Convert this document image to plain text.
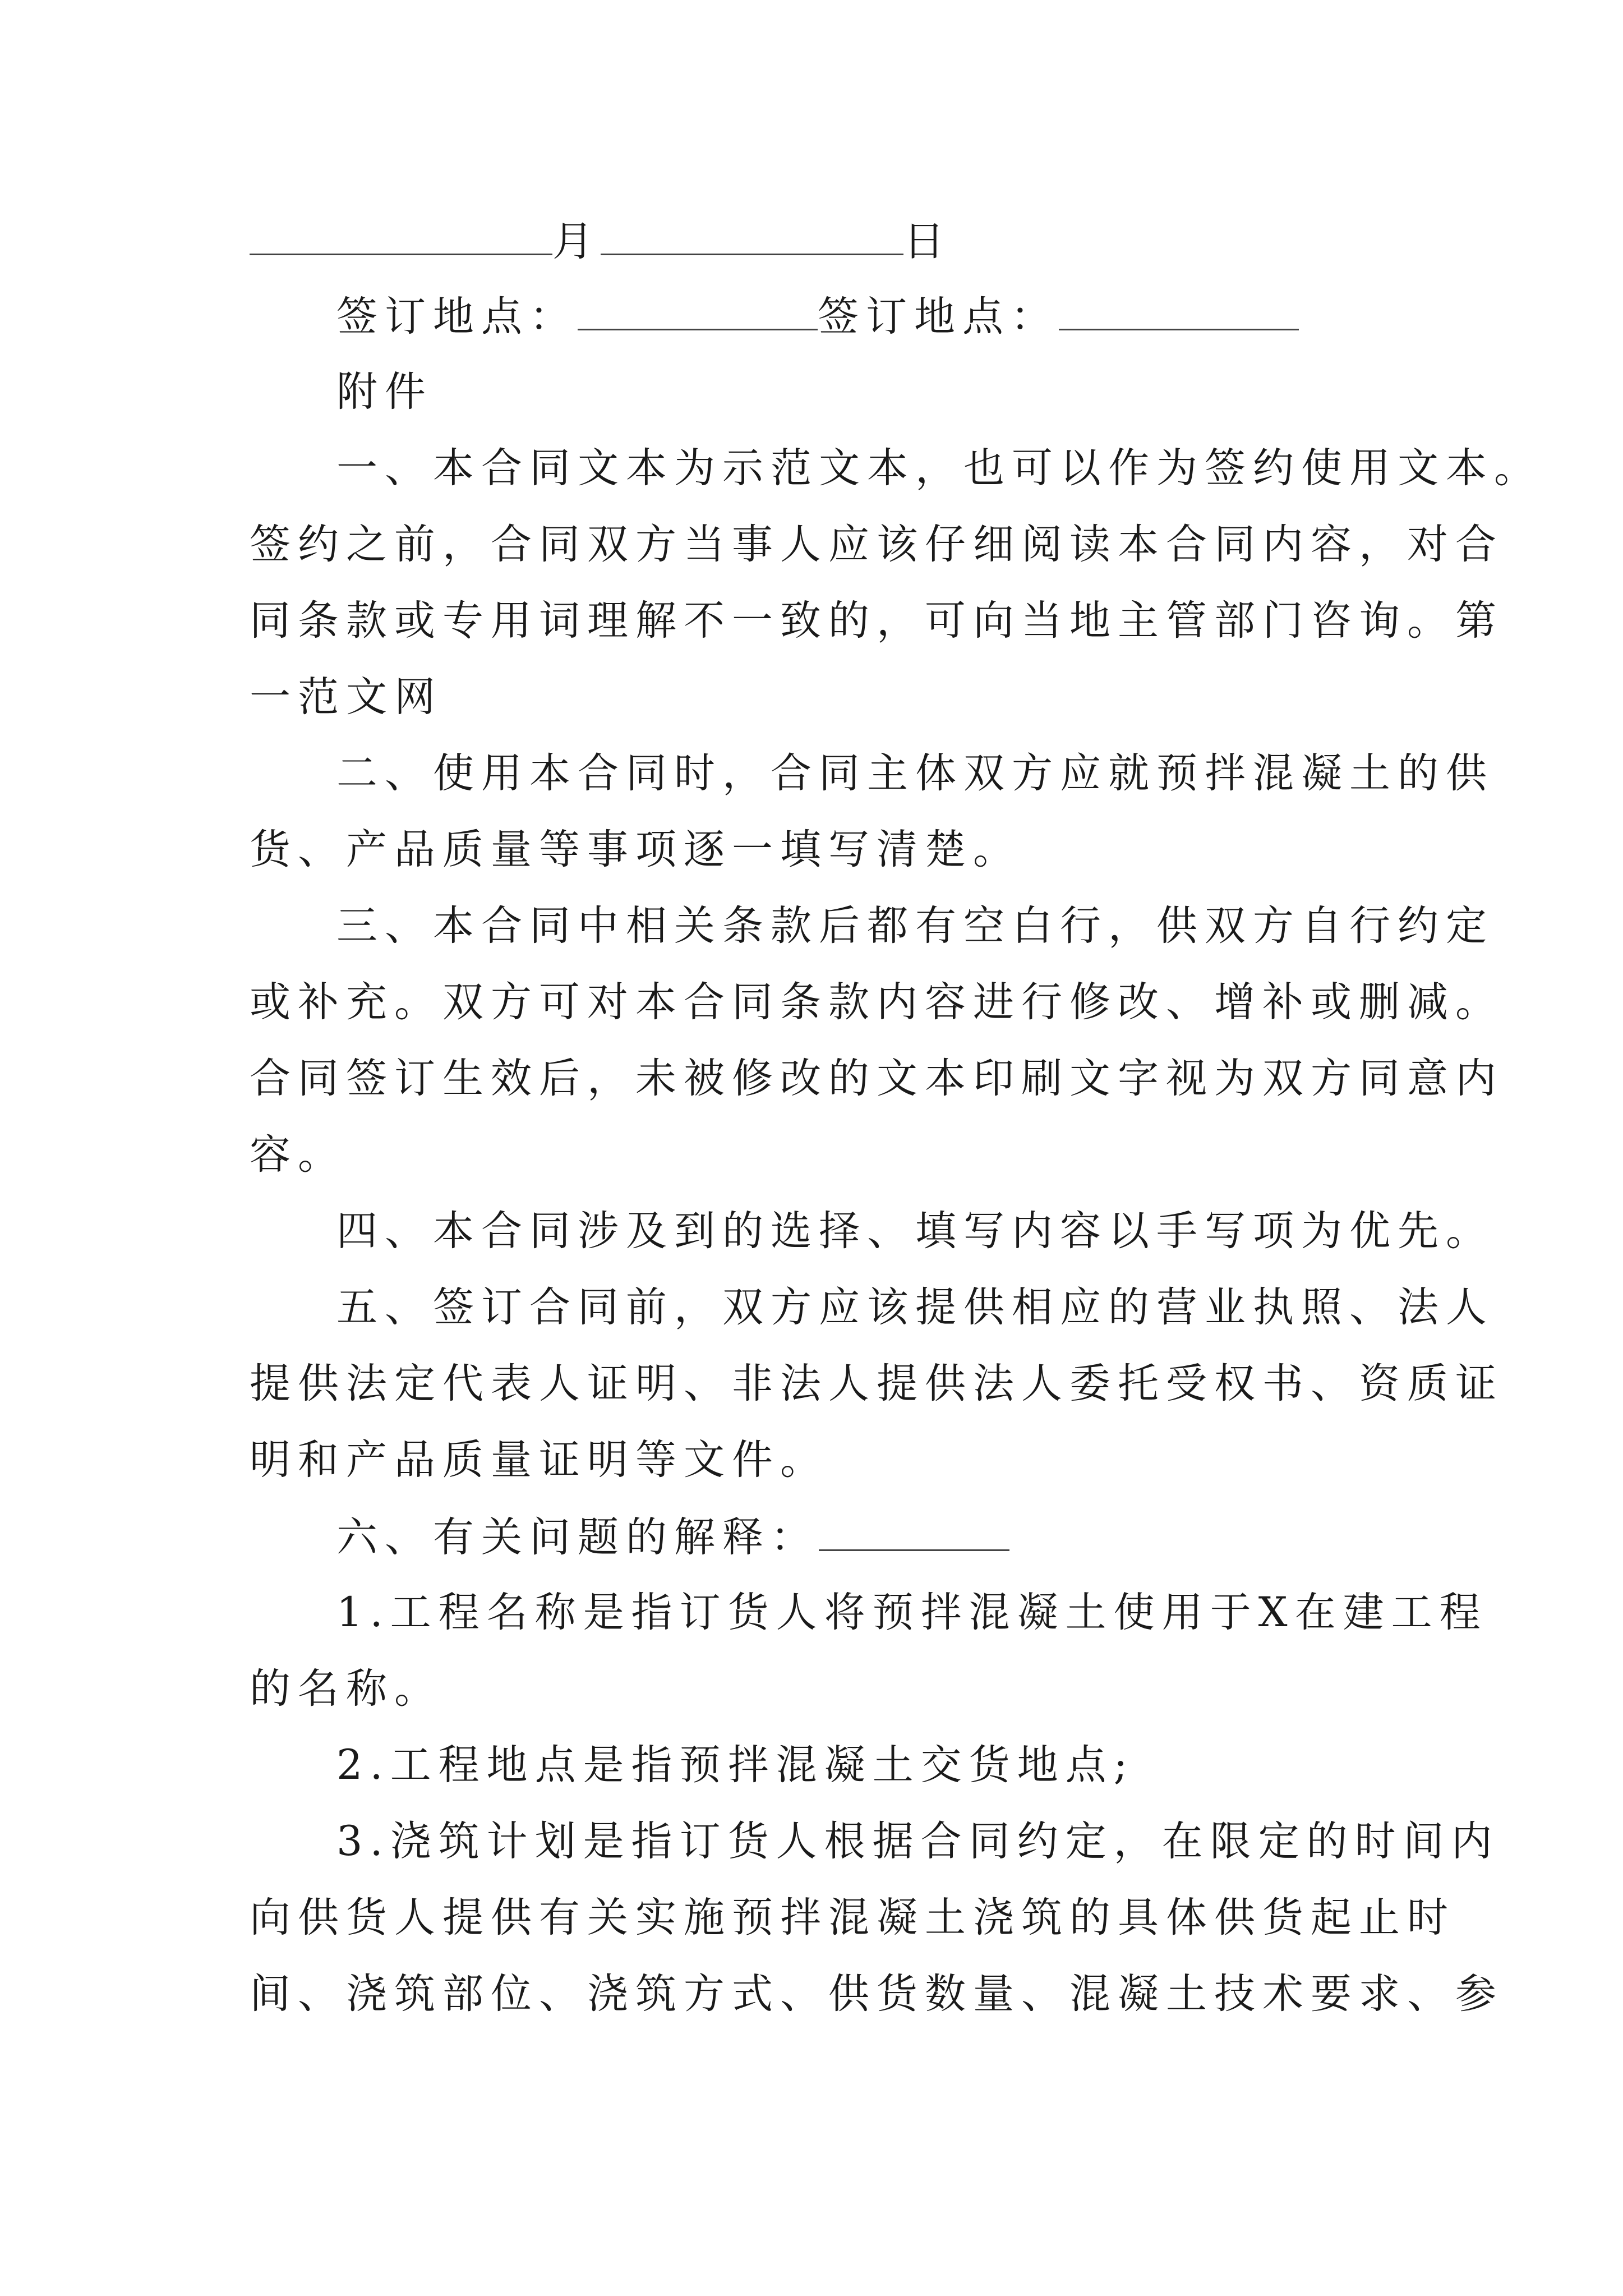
月	日
签订地点：	签订地点：
附件
一、本合同文本为示范文本，也可以作为签约使用文本。
签约之前，合同双方当事人应该仔细阅读本合同内容，对合
同条款或专用词理解不一致的，可向当地主管部门咨询。第
一范文网
二、使用本合同时，合同主体双方应就预拌混凝土的供
货、产品质量等事项逐一填写清楚。
三、本合同中相关条款后都有空白行，供双方自行约定
或补充。双方可对本合同条款内容进行修改、增补或删减。
合同签订生效后，未被修改的文本印刷文字视为双方同意内
容。
四、本合同涉及到的选择、填写内容以手写项为优先。
五、签订合同前，双方应该提供相应的营业执照、法人
提供法定代表人证明、非法人提供法人委托受权书、资质证
明和产品质量证明等文件。
六、有关问题的解释：
1.工程名称是指订货人将预拌混凝土使用于X在建工程
的名称。
2.工程地点是指预拌混凝土交货地点;
3.浇筑计划是指订货人根据合同约定，在限定的时间内
向供货人提供有关实施预拌混凝土浇筑的具体供货起止时
间、浇筑部位、浇筑方式、供货数量、混凝土技术要求、参
